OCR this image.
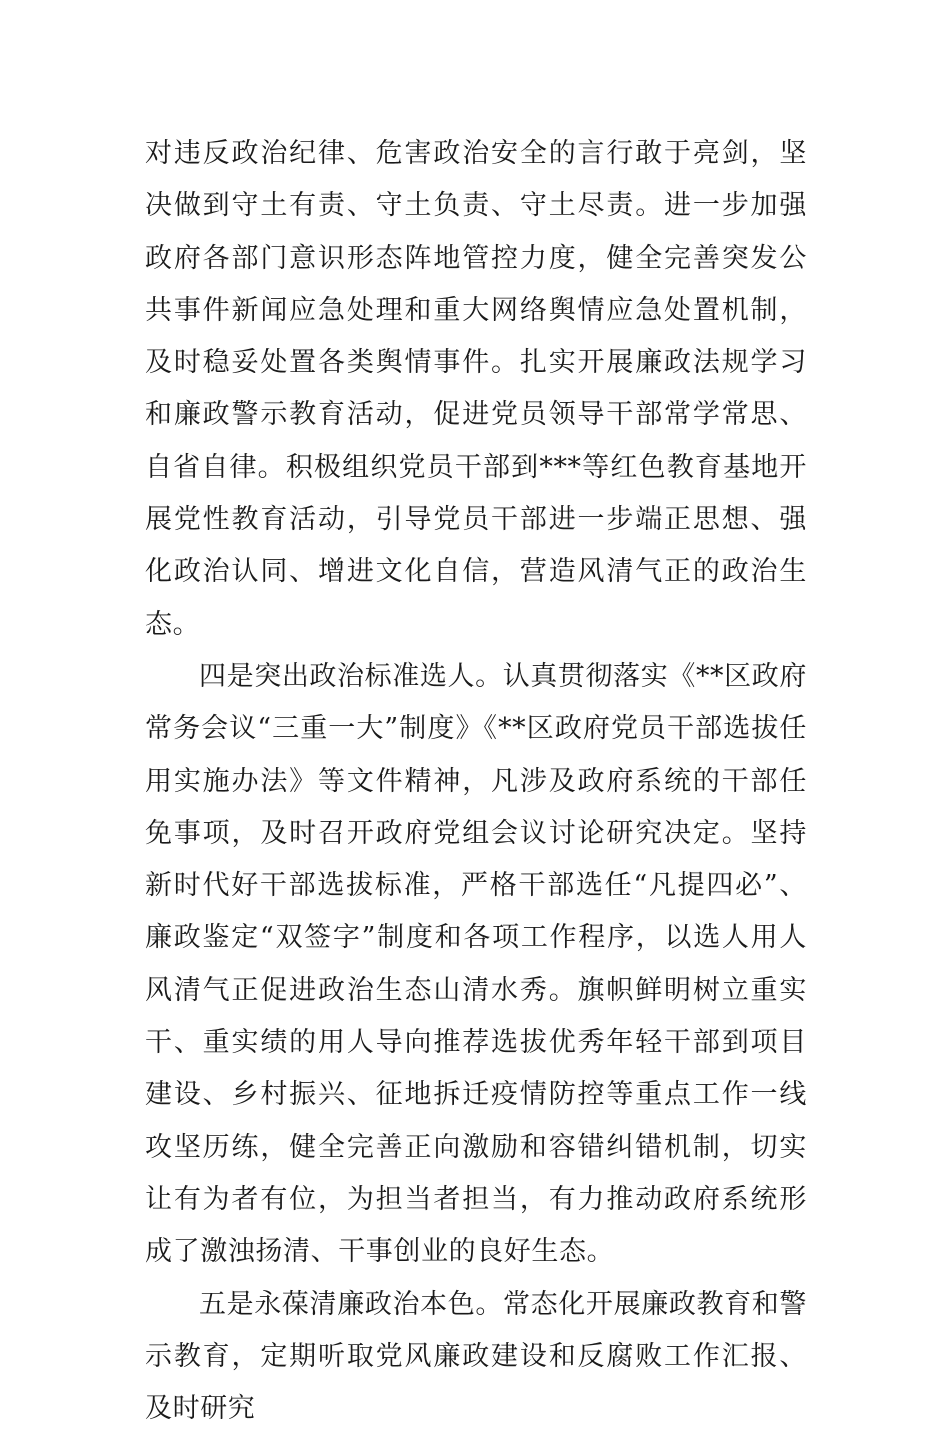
对违反政治纪律、危害政治安全的言行敢于亮剑，坚决做到守土有责、守土负责、守土尽责。进一步加强政府各部门意识形态阵地管控力度，健全完善突发公共事件新闻应急处理和重大网络舆情应急处置机制，及时稳妥处置各类舆情事件。扎实开展廉政法规学习和廉政警示教育活动，促进党员领导干部常学常思、自省自律。积极组织党员干部到***等红色教育基地开展党性教育活动，引导党员干部进一步端正思想、强化政治认同、增进文化自信，营造风清气正的政治生态。

四是突出政治标准选人。认真贯彻落实《**区政府常务会议“三重一大”制度》《**区政府党员干部选拔任用实施办法》等文件精神，凡涉及政府系统的干部任免事项，及时召开政府党组会议讨论研究决定。坚持新时代好干部选拔标准，严格干部选任“凡提四必”、廉政鉴定“双签字”制度和各项工作程序，以选人用人风清气正促进政治生态山清水秀。旗帜鲜明树立重实干、重实绩的用人导向推荐选拔优秀年轻干部到项目建设、乡村振兴、征地拆迁疫情防控等重点工作一线攻坚历练，健全完善正向激励和容错纠错机制，切实让有为者有位，为担当者担当，有力推动政府系统形成了激浊扬清、干事创业的良好生态。

五是永葆清廉政治本色。常态化开展廉政教育和警示教育，定期听取党风廉政建设和反腐败工作汇报、及时研究
